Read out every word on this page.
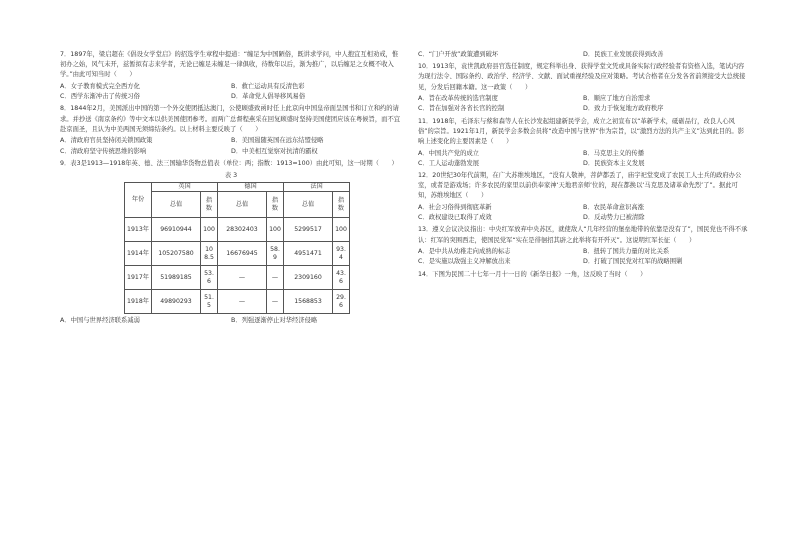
7．1897年，梁启超在《倡设女学堂启》的招选学生章程中提道：“缠足为中国陋俗，既讲求学问，中人抱宜互相劝戒，惟初办之始，风气未开，兹暂拟有志来学者，无论已缠足未缠足一律俱收，待数年以后，渐为推广，以后缠足之女概不收入学。”由此可知当时（　　）
A．女子教育模式完全西方化	B．救亡运动具有反清色彩
C．西学东渐冲击了传统习俗	D．革命党人倡导移风易俗
8．1844年2月，美国派出中国的第一个外交使团抵达澳门，公使顾盛致函时任上此京向中国皇帝面呈国书和订立和约的请求。并抄送《南京条约》等中文本以供美国使团参考。而两广总督程燕采在回复顾盛时坚持美国使团应该在粤候旨，而不宜赴京面圣，且认为中美两国无须缔结条约。以上材料主要反映了（　　）
A．清政府官员坚持闭关锁国政策	B．美国遏随英国在远东结盟侵略
C．清政府坚守传统思维的影响	D．中美相互觉察对抗清的霸权
9．表3是1913—1918年英、德、法三国输华货物总值表（单位：两；指数：1913=100）由此可知，这一时期（　　）
表 3
年份	英国		德国		法国	
	总值	指数	总值	指数	总值	指数
1913年	96910944	100	28302403	100	5299517	100
1914年	105207580	108.5	16676945	58.9	4951471	93.4
1917年	51989185	53.6	—	—	2309160	43.6
1918年	49890293	51.5	—	—	1568853	29.6
A．中国与世界经济联系减弱	B．列强逐渐停止对华经济侵略
C．“门户开放”政策遭到破坏	D．民族工业发展获得到改善
10．1913年，袁世凯政府县官选任制度，规定科举出身、获得学堂文凭或具备实际行政经验者有资格入选，笔试内容为现行法令、国际条约、政治学、经济学、文献、面试重视经验及应对策略。考试合格者在分发各省前须接受大总统接见，分发后回籍本籍。这一政策（　　）
A．旨在改革传统的选官制度	B．顺应了地方自治需求
C．旨在加强对各省长官的控制	D．致力于恢复地方政府秩序
11．1918年，毛泽东与蔡和森等人在长沙发起组建新民学会，成立之初宣布以“革新学术，砥砺品行，改良人心风俗”的宗旨。1921年1月，新民学会多数会员将“改造中国与世界”作为宗旨，以“激烈方法的共产主义”达到此目的。影响上述变化的主要因素是（　　）
A．中国共产党的成立	B．马克思主义的传播
C．工人运动蓬勃发展	D．民族资本主义发展
12．20世纪30年代前期，在广大苏维埃地区，“没有人敬神，菩萨都丢了，庙宇祀堂变成了农民工人士兵的政府办公室，或者是游戏场；许多农民的家里以前供奉家神‘天地君亲师’位的，现在都换以‘马克思及诸革命先烈’了”。据此可知，苏维埃地区（　　）
A．社会习俗得到彻底革新	B．农民革命意识高涨
C．政权建设已取得了成效	D．反动势力已被清除
13．遵义会议决议指出：中央红军放弃中央苏区，就使敌人“几年经营的堡垒地带的依靠是没有了”，国民党也不得不承认：红军的突围西走，使国民党军“实在是徘徊招其辟之此举将有开歼灭”。这说明红军长征（　　）
A．是中共从幼稚走向成熟的标志	B．扭转了国共力量的对比关系
C．是实施以敌强主义冲解放出来	D．打破了国民党对红军的战略围剿
14．下图为民国二十七年一月十一日的《新华日报》一角，这反映了当时（　　）
